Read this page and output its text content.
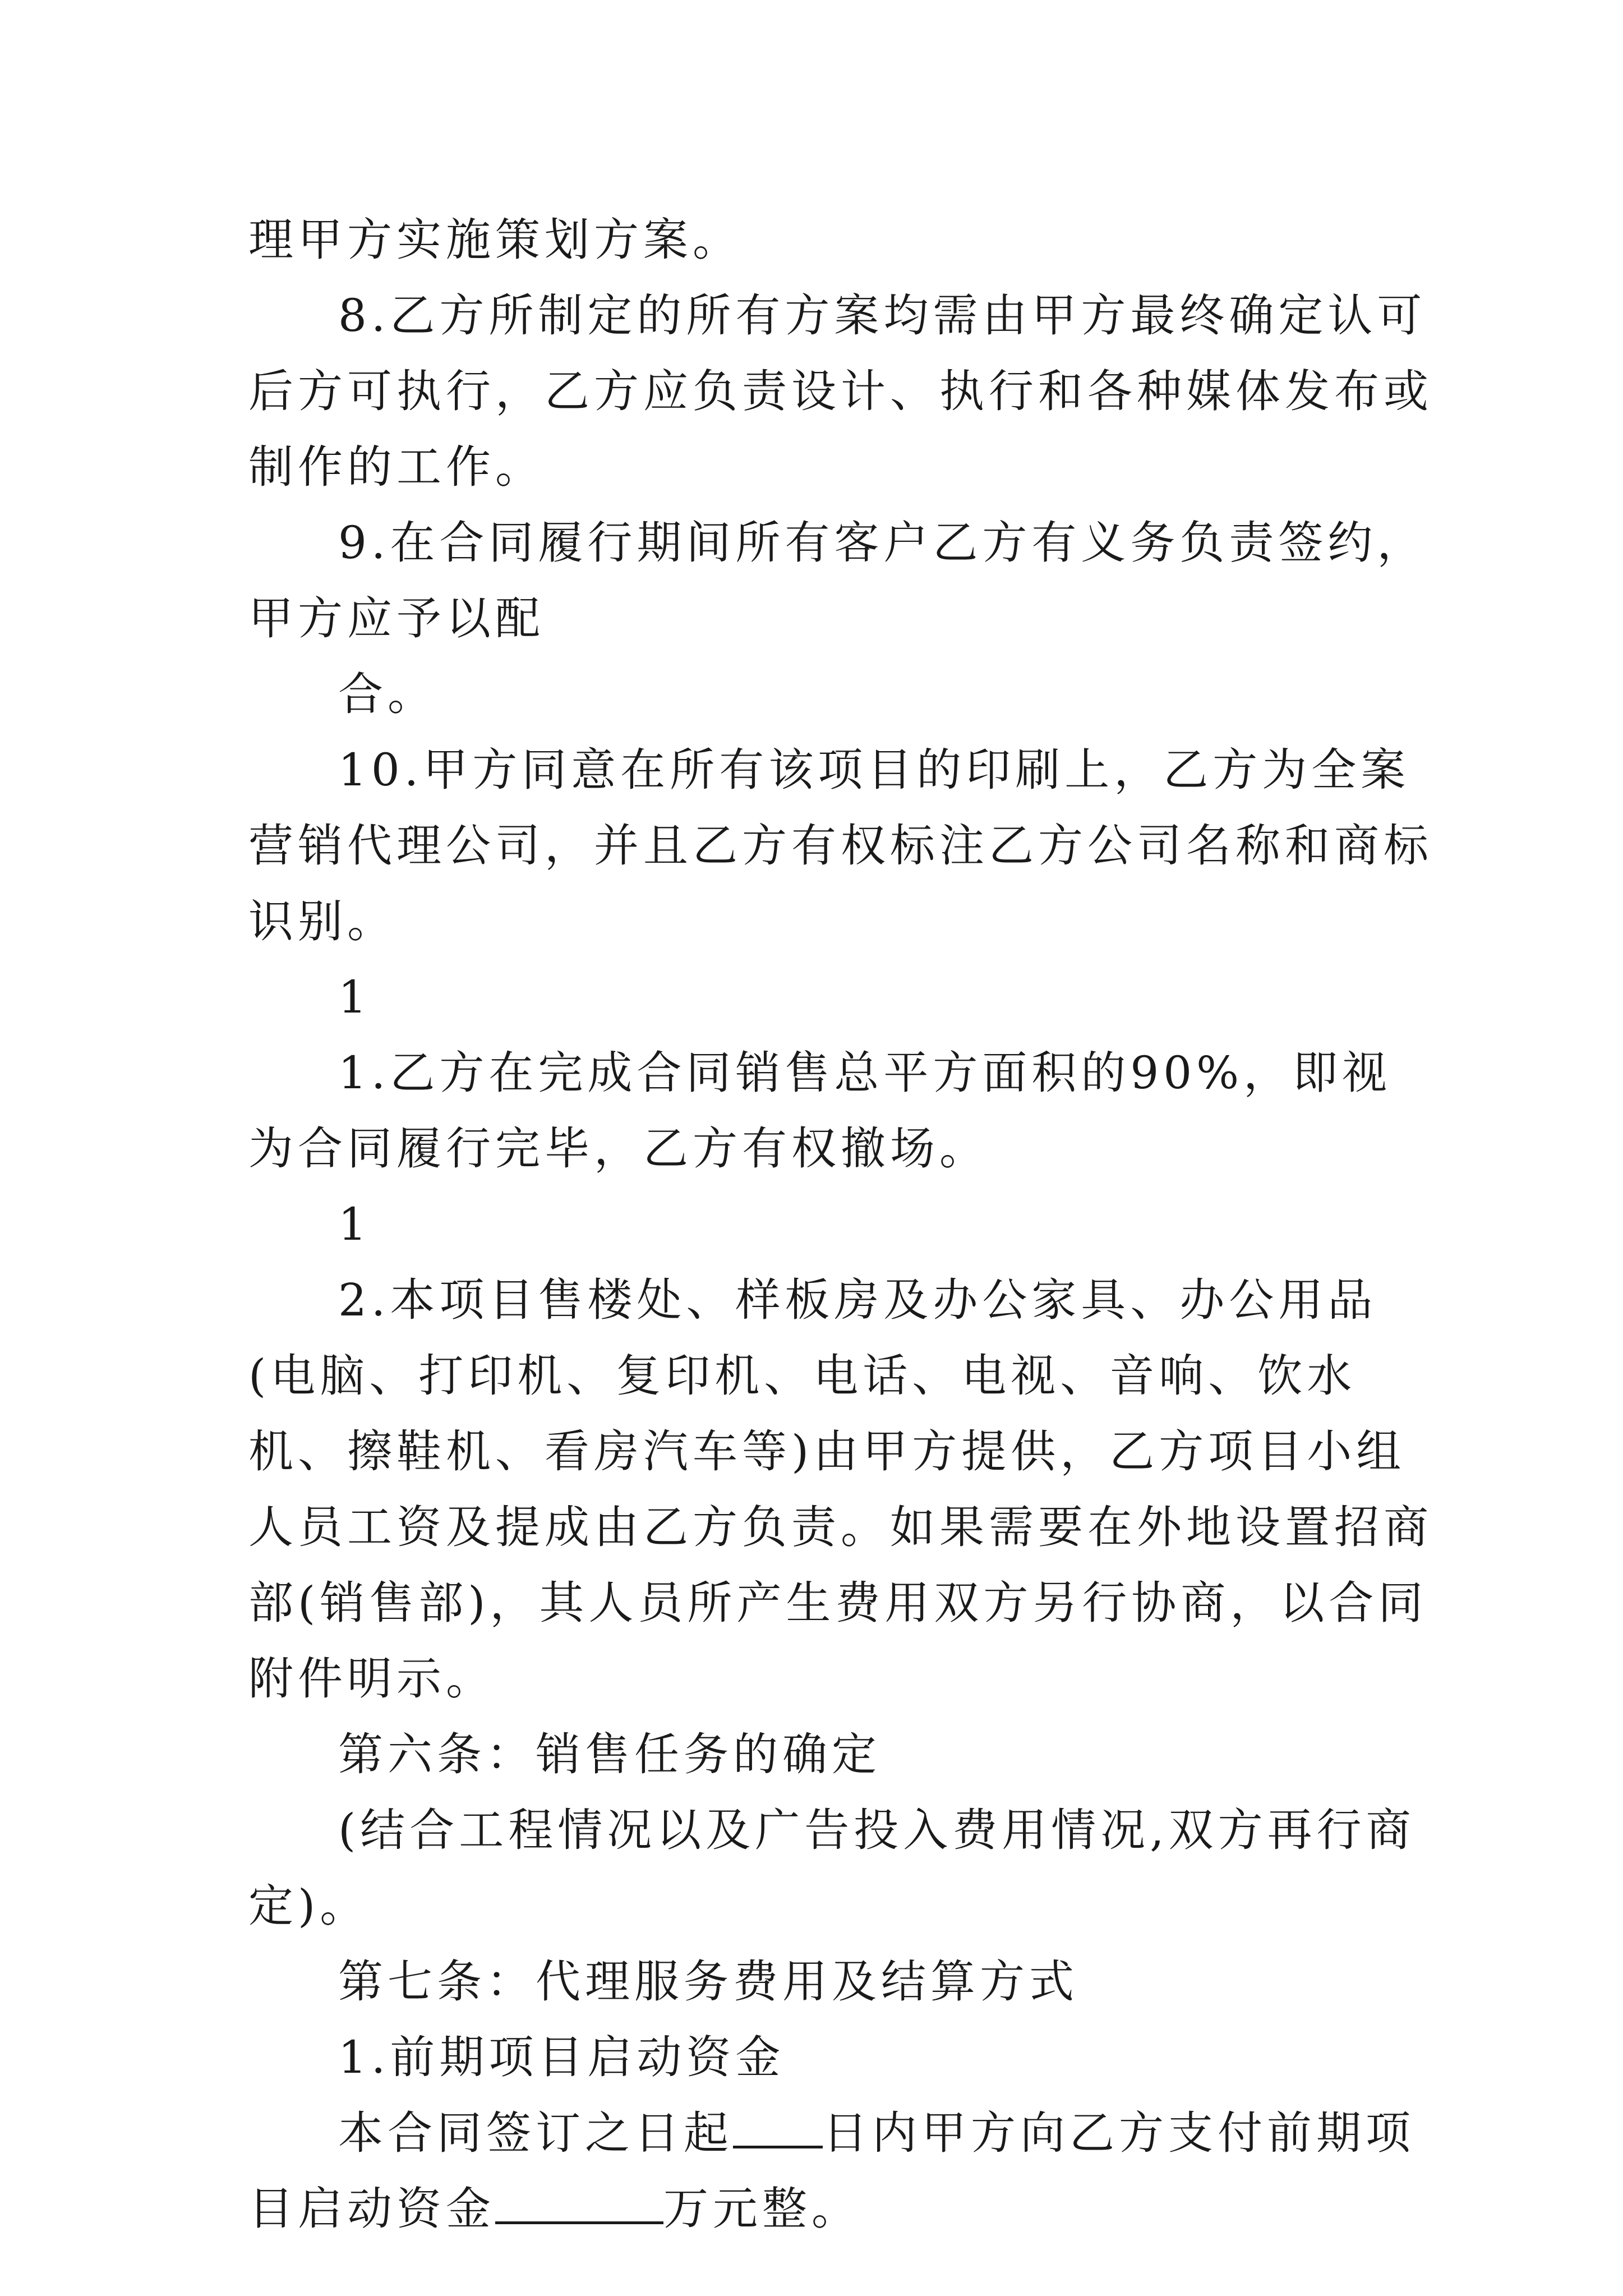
理甲方实施策划方案。

8.乙方所制定的所有方案均需由甲方最终确定认可后方可执行，乙方应负责设计、执行和各种媒体发布或制作的工作。

9.在合同履行期间所有客户乙方有义务负责签约，甲方应予以配

合。

10.甲方同意在所有该项目的印刷上，乙方为全案营销代理公司，并且乙方有权标注乙方公司名称和商标识别。

1

1.乙方在完成合同销售总平方面积的90%，即视为合同履行完毕，乙方有权撤场。

1

2.本项目售楼处、样板房及办公家具、办公用品(电脑、打印机、复印机、电话、电视、音响、饮水机、擦鞋机、看房汽车等)由甲方提供，乙方项目小组人员工资及提成由乙方负责。如果需要在外地设置招商部(销售部)，其人员所产生费用双方另行协商，以合同附件明示。

第六条：销售任务的确定

(结合工程情况以及广告投入费用情况,双方再行商定)。

第七条：代理服务费用及结算方式

1.前期项目启动资金

本合同签订之日起 日内甲方向乙方支付前期项目启动资金	万元整。
